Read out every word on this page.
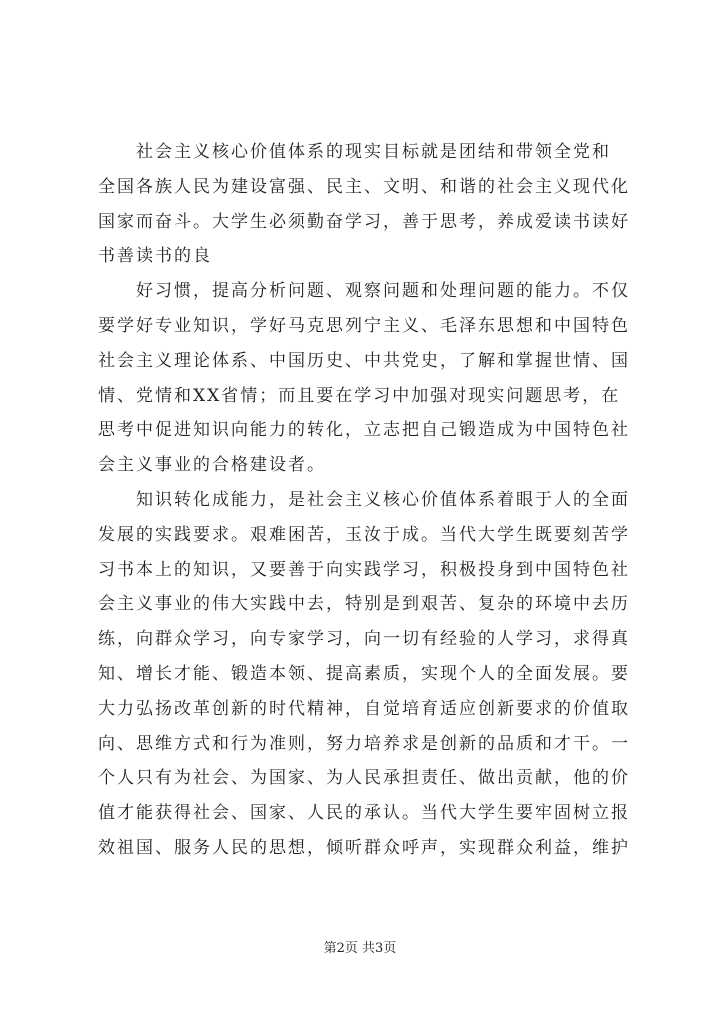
社会主义核心价值体系的现实目标就是团结和带领全党和
全国各族人民为建设富强、民主、文明、和谐的社会主义现代化
国家而奋斗。大学生必须勤奋学习，善于思考，养成爱读书读好
书善读书的良
好习惯，提高分析问题、观察问题和处理问题的能力。不仅
要学好专业知识，学好马克思列宁主义、毛泽东思想和中国特色
社会主义理论体系、中国历史、中共党史，了解和掌握世情、国
情、党情和XX省情；而且要在学习中加强对现实问题思考，在
思考中促进知识向能力的转化，立志把自己锻造成为中国特色社
会主义事业的合格建设者。
知识转化成能力，是社会主义核心价值体系着眼于人的全面
发展的实践要求。艰难困苦，玉汝于成。当代大学生既要刻苦学
习书本上的知识，又要善于向实践学习，积极投身到中国特色社
会主义事业的伟大实践中去，特别是到艰苦、复杂的环境中去历
练，向群众学习，向专家学习，向一切有经验的人学习，求得真
知、增长才能、锻造本领、提高素质，实现个人的全面发展。要
大力弘扬改革创新的时代精神，自觉培育适应创新要求的价值取
向、思维方式和行为准则，努力培养求是创新的品质和才干。一
个人只有为社会、为国家、为人民承担责任、做出贡献，他的价
值才能获得社会、国家、人民的承认。当代大学生要牢固树立报
效祖国、服务人民的思想，倾听群众呼声，实现群众利益，维护
第2页 共3页
